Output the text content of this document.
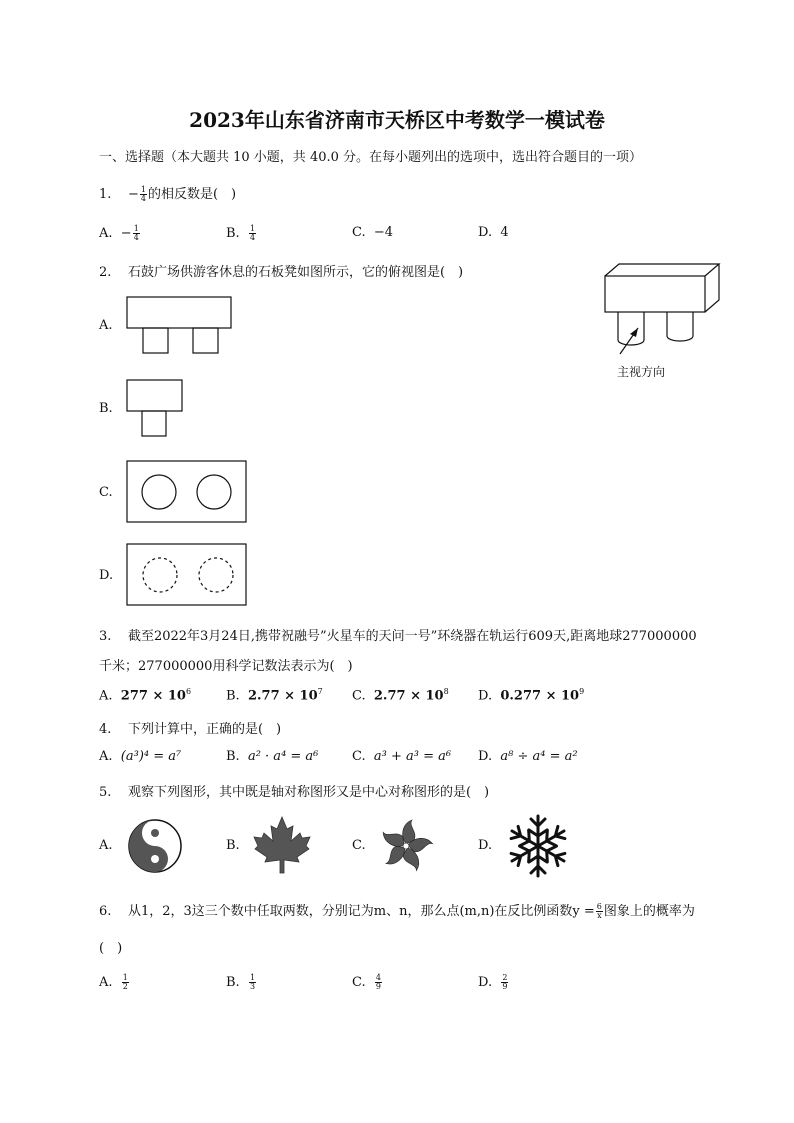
2023年山东省济南市天桥区中考数学一模试卷
一、选择题（本大题共 10 小题，共 40.0 分。在每小题列出的选项中，选出符合题目的一项）
1. − $\frac{1}{4}$ 的相反数是(　)
A. − $\frac{1}{4}$	B. $\frac{1}{4}$	C. −4	D. 4
2. 石鼓广场供游客休息的石板凳如图所示，它的俯视图是(　)
主视方向
A.
B.
C.
D.
3. 截至2022年3月24日,携带祝融号”火星车的天问一号”环绕器在轨运行609天,距离地球277000000
千米；277000000用科学记数法表示为(　)
A. $277 \times 10^6$	B. $2.77 \times 10^7$ C. $2.77 \times 10^8$ D. $0.277 \times 10^9$
4. 下列计算中，正确的是(　)
A. (a³)⁴ = a⁷	B. a² · a⁴ = a⁶	C. a³ + a³ = a⁶ D. a⁸ ÷ a⁴ = a²
5. 观察下列图形，其中既是轴对称图形又是中心对称图形的是(　)
A.	B.	C.	D.
6. 从1，2，3这三个数中任取两数，分别记为m、n，那么点(m,n)在反比例函数$y = \frac{6}{x}$ 图象上的概率为
(　)
A. $\frac{1}{2}$	B. $\frac{1}{3}$	C. $\frac{4}{9}$	D. $\frac{2}{9}$
